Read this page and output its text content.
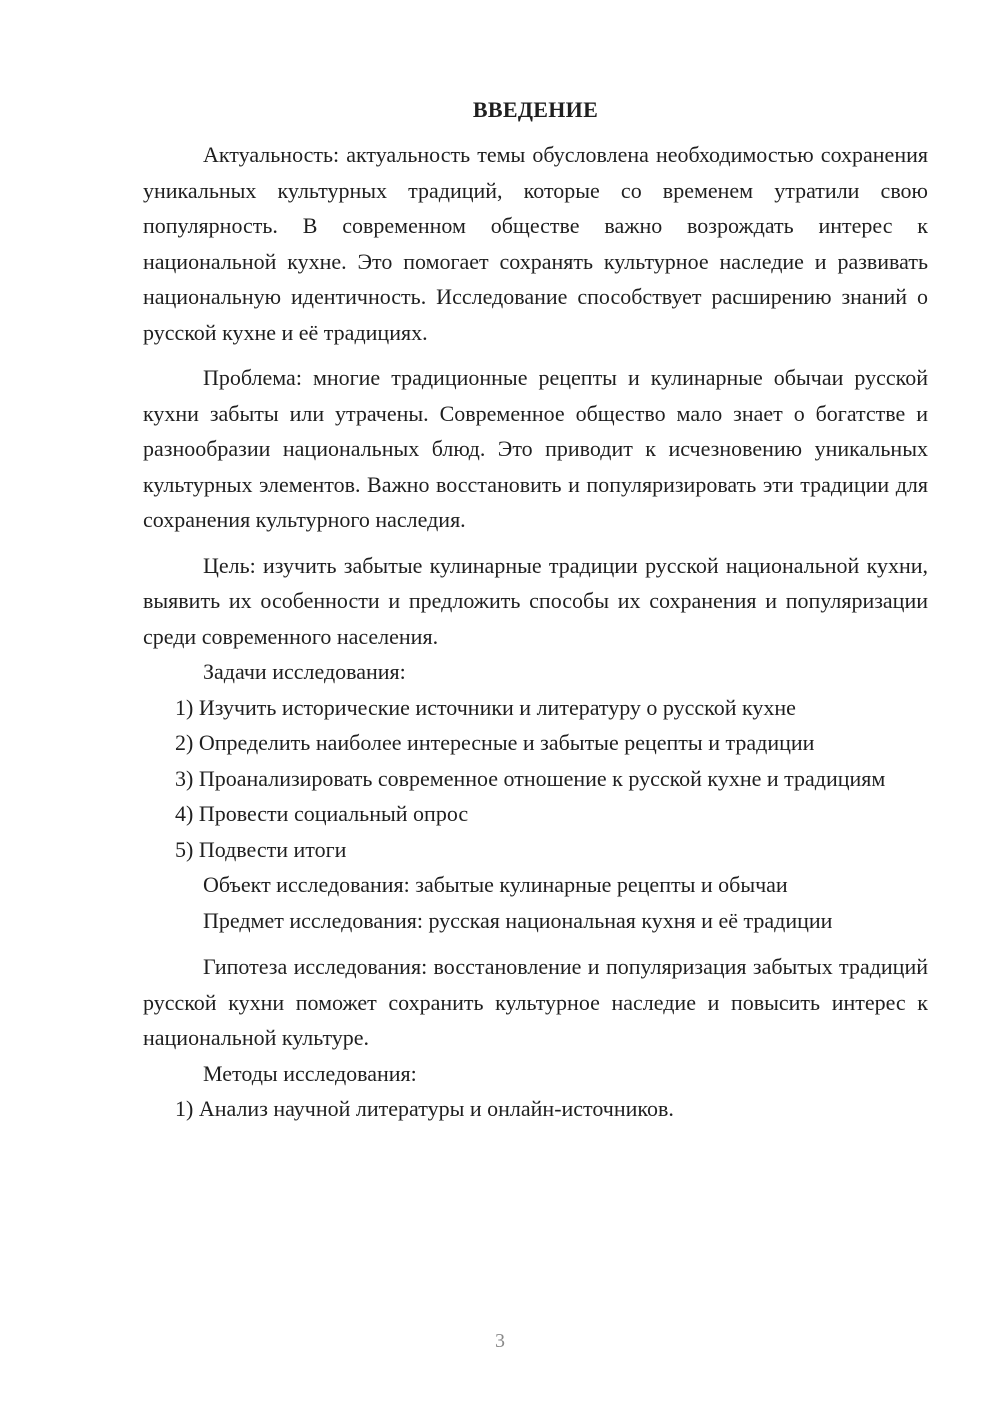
ВВЕДЕНИЕ

Актуальность: актуальность темы обусловлена необходимостью сохранения уникальных культурных традиций, которые со временем утратили свою популярность. В современном обществе важно возрождать интерес к национальной кухне. Это помогает сохранять культурное наследие и развивать национальную идентичность. Исследование способствует расширению знаний о русской кухне и её традициях.

Проблема: многие традиционные рецепты и кулинарные обычаи русской кухни забыты или утрачены. Современное общество мало знает о богатстве и разнообразии национальных блюд. Это приводит к исчезновению уникальных культурных элементов. Важно восстановить и популяризировать эти традиции для сохранения культурного наследия.

Цель: изучить забытые кулинарные традиции русской национальной кухни, выявить их особенности и предложить способы их сохранения и популяризации среди современного населения.

Задачи исследования:

1) Изучить исторические источники и литературу о русской кухне

2) Определить наиболее интересные и забытые рецепты и традиции

3) Проанализировать современное отношение к русской кухне и традициям

4) Провести социальный опрос

5) Подвести итоги

Объект исследования: забытые кулинарные рецепты и обычаи

Предмет исследования: русская национальная кухня и её традиции

Гипотеза исследования: восстановление и популяризация забытых традиций русской кухни поможет сохранить культурное наследие и повысить интерес к национальной культуре.

Методы исследования:

1) Анализ научной литературы и онлайн-источников.

3
